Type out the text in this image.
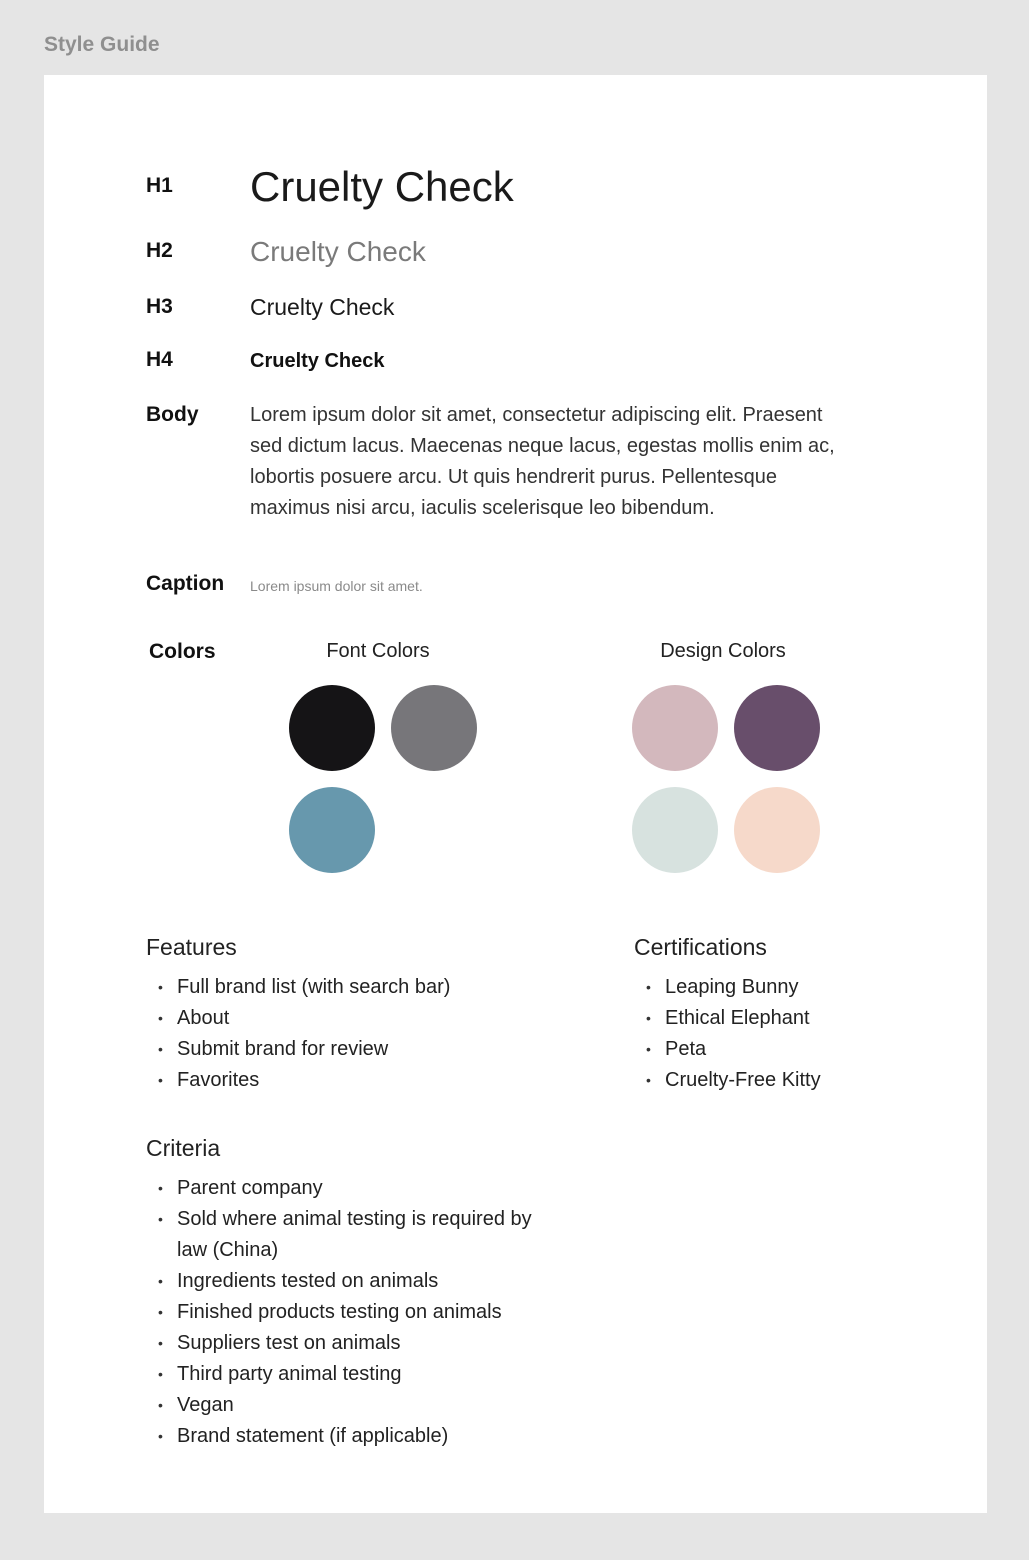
Style Guide
H1 Cruelty Check
H2	Cruelty Check
H3	Cruelty Check
H4	Cruelty Check
Body	Lorem ipsum dolor sit amet, consectetur adipiscing elit. Praesent sed dictum lacus. Maecenas neque lacus, egestas mollis enim ac, lobortis posuere arcu. Ut quis hendrerit purus. Pellentesque maximus nisi arcu, iaculis scelerisque leo bibendum.
Caption Lorem ipsum dolor sit amet.
Colors	Font Colors	Design Colors
Features
• Full brand list (with search bar)
• About
• Submit brand for review
• Favorites
Certifications
• Leaping Bunny
• Ethical Elephant
• Peta
• Cruelty-Free Kitty
Criteria
• Parent company
• Sold where animal testing is required by law (China)
• Ingredients tested on animals
• Finished products testing on animals
• Suppliers test on animals
• Third party animal testing
• Vegan
• Brand statement (if applicable)
